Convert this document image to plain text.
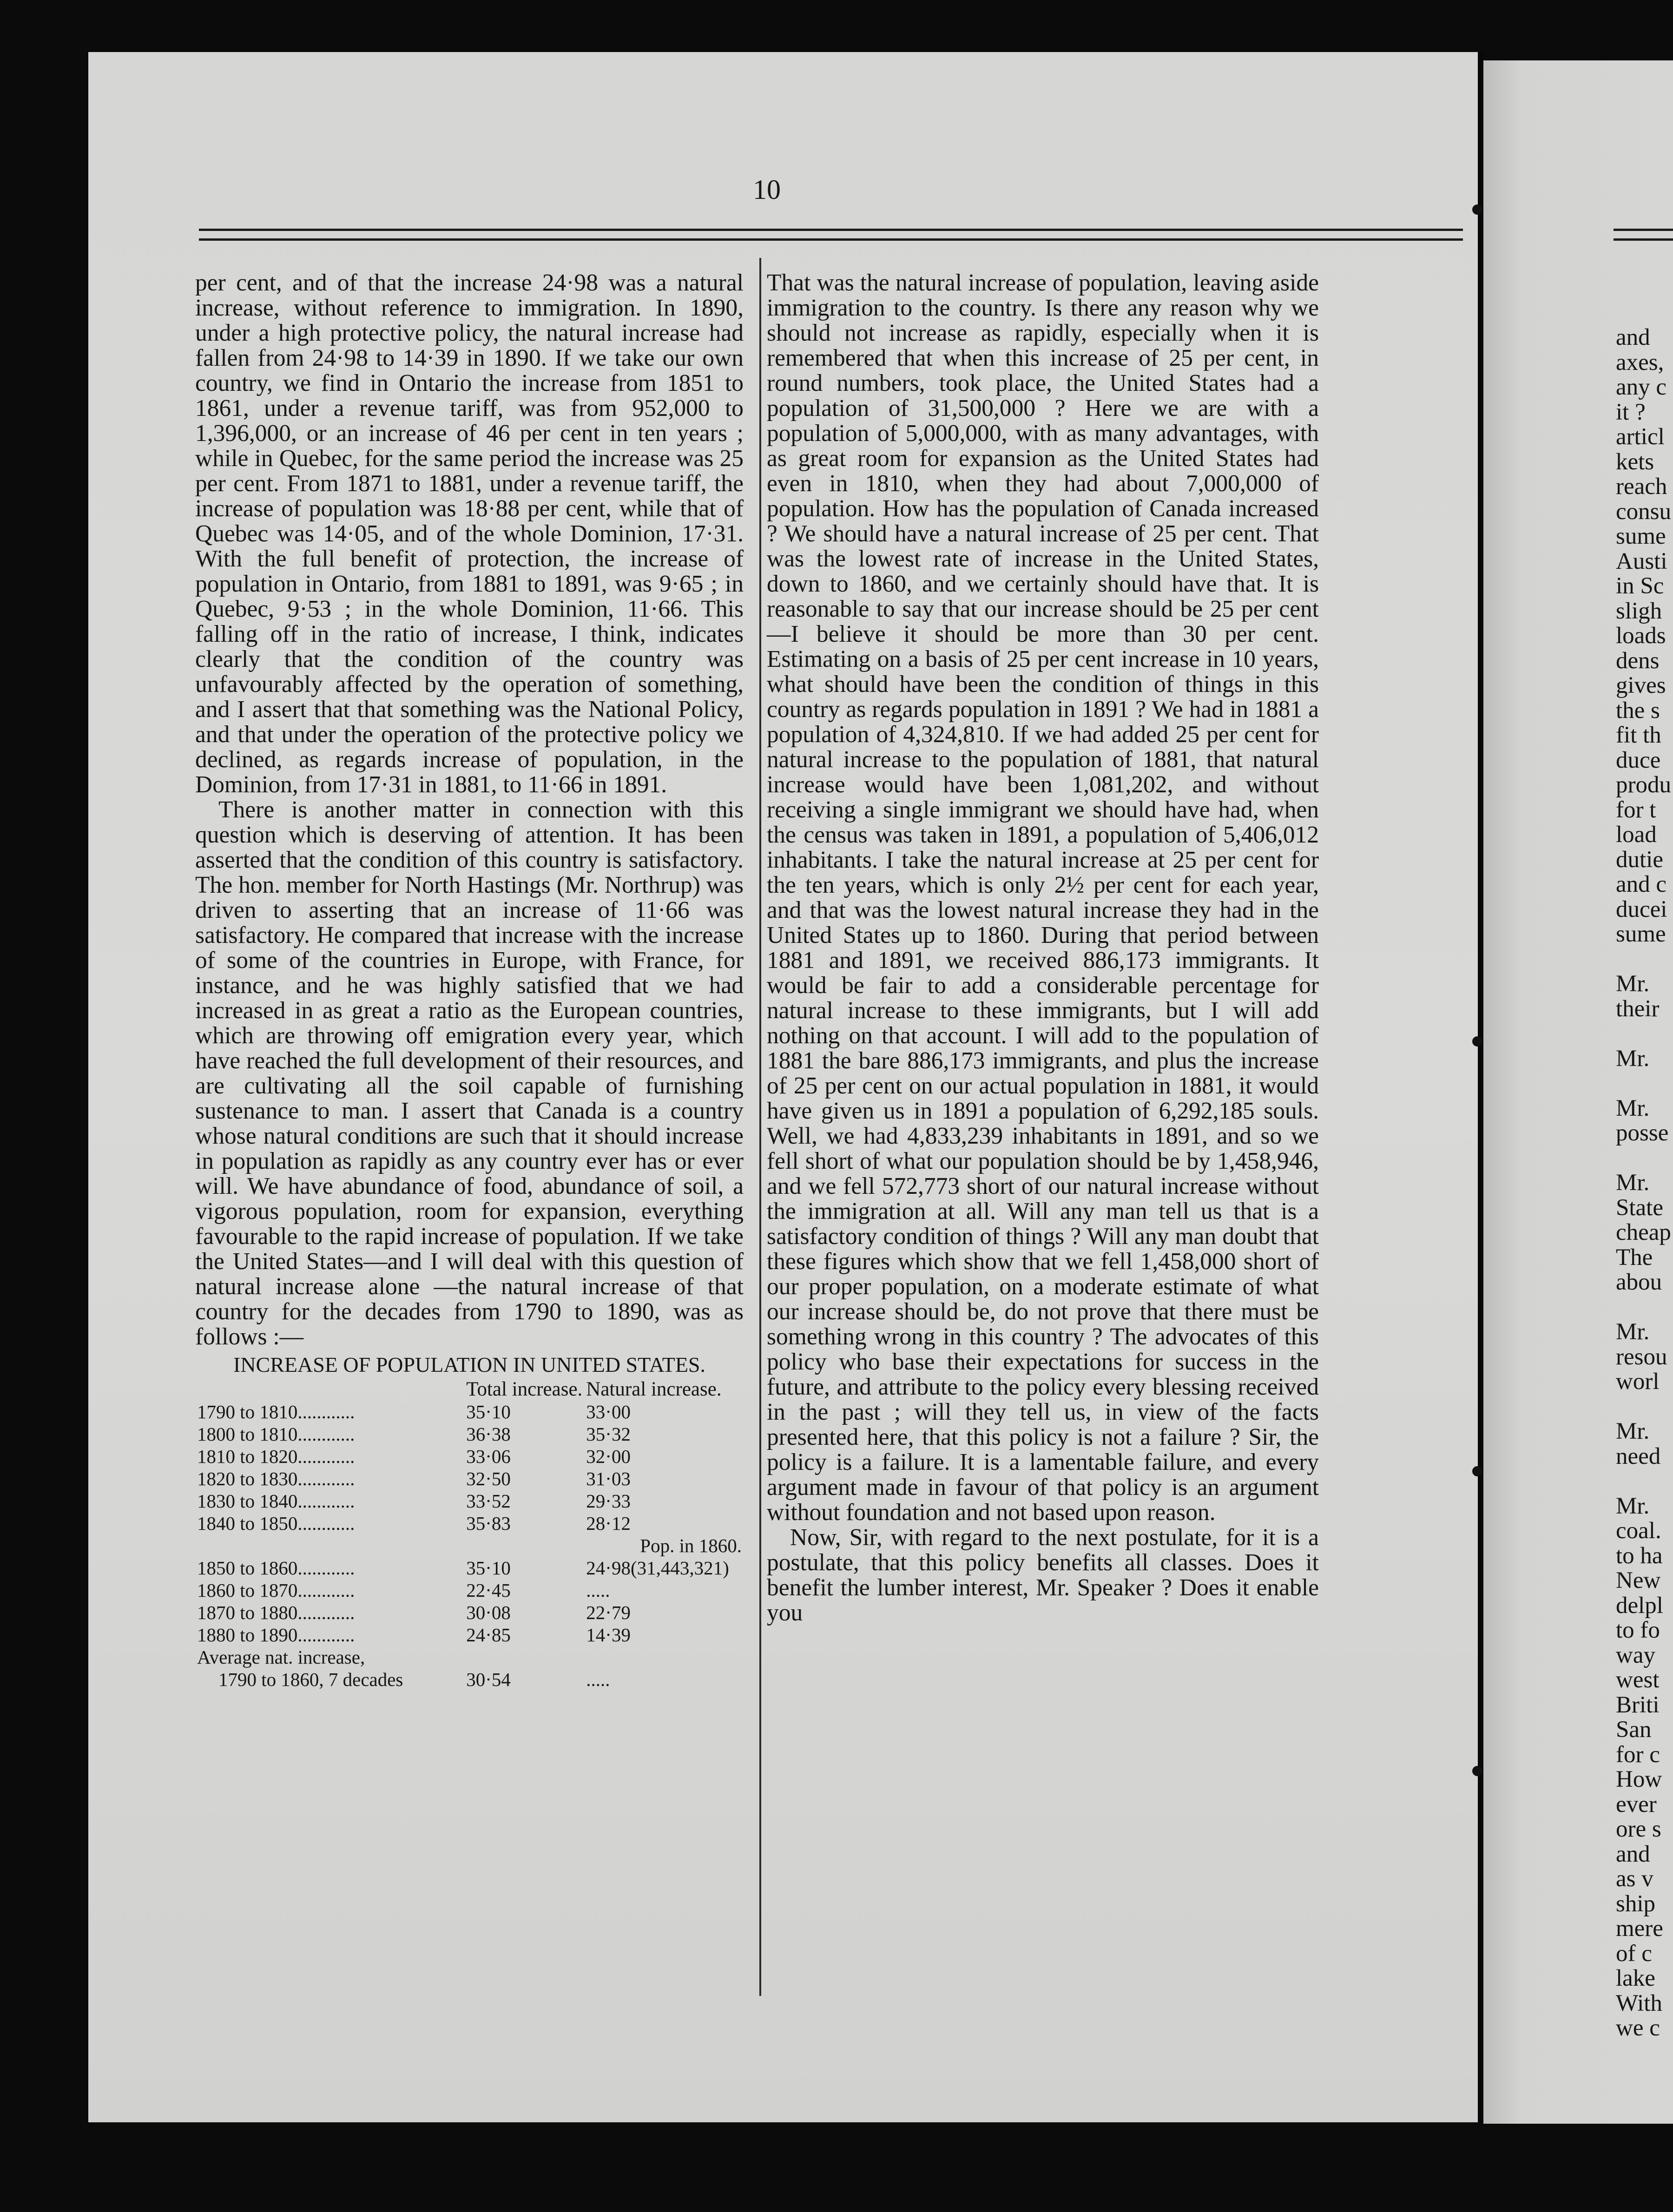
10

per cent, and of that the increase 24·98 was a natural increase, without reference to immigration. In 1890, under a high protective policy, the natural increase had fallen from 24·98 to 14·39 in 1890. If we take our own country, we find in Ontario the increase from 1851 to 1861, under a revenue tariff, was from 952,000 to 1,396,000, or an increase of 46 per cent in ten years ; while in Quebec, for the same period the increase was 25 per cent. From 1871 to 1881, under a revenue tariff, the increase of population was 18·88 per cent, while that of Quebec was 14·05, and of the whole Dominion, 17·31. With the full benefit of protection, the increase of population in Ontario, from 1881 to 1891, was 9·65 ; in Quebec, 9·53 ; in the whole Dominion, 11·66. This falling off in the ratio of increase, I think, indicates clearly that the condition of the country was unfavourably affected by the operation of something, and I assert that that something was the National Policy, and that under the operation of the protective policy we declined, as regards increase of population, in the Dominion, from 17·31 in 1881, to 11·66 in 1891.

There is another matter in connection with this question which is deserving of attention. It has been asserted that the condition of this country is satisfactory. The hon. member for North Hastings (Mr. Northrup) was driven to asserting that an increase of 11·66 was satisfactory. He compared that increase with the increase of some of the countries in Europe, with France, for instance, and he was highly satisfied that we had increased in as great a ratio as the European countries, which are throwing off emigration every year, which have reached the full development of their resources, and are cultivating all the soil capable of furnishing sustenance to man. I assert that Canada is a country whose natural conditions are such that it should increase in population as rapidly as any country ever has or ever will. We have abundance of food, abundance of soil, a vigorous population, room for expansion, everything favourable to the rapid increase of population. If we take the United States—and I will deal with this question of natural increase alone —the natural increase of that country for the decades from 1790 to 1890, was as follows :—

INCREASE OF POPULATION IN UNITED STATES.
	Total increase.	Natural increase.
1790 to 1810............	35·10	33·00
1800 to 1810............	36·38	35·32
1810 to 1820............	33·06	32·00
1820 to 1830............	32·50	31·03
1830 to 1840............	33·52	29·33
1840 to 1850............	35·83	28·12
		Pop. in 1860.
1850 to 1860............	35·10	24·98(31,443,321)
1860 to 1870............	22·45	.....
1870 to 1880............	30·08	22·79
1880 to 1890............	24·85	14·39
Average nat. increase,		
1790 to 1860, 7 decades	30·54	.....

That was the natural increase of population, leaving aside immigration to the country. Is there any reason why we should not increase as rapidly, especially when it is remembered that when this increase of 25 per cent, in round numbers, took place, the United States had a population of 31,500,000 ? Here we are with a population of 5,000,000, with as many advantages, with as great room for expansion as the United States had even in 1810, when they had about 7,000,000 of population. How has the population of Canada increased ? We should have a natural increase of 25 per cent. That was the lowest rate of increase in the United States, down to 1860, and we certainly should have that. It is reasonable to say that our increase should be 25 per cent—I believe it should be more than 30 per cent. Estimating on a basis of 25 per cent increase in 10 years, what should have been the condition of things in this country as regards population in 1891 ? We had in 1881 a population of 4,324,810. If we had added 25 per cent for natural increase to the population of 1881, that natural increase would have been 1,081,202, and without receiving a single immigrant we should have had, when the census was taken in 1891, a population of 5,406,012 inhabitants. I take the natural increase at 25 per cent for the ten years, which is only 2½ per cent for each year, and that was the lowest natural increase they had in the United States up to 1860. During that period between 1881 and 1891, we received 886,173 immigrants. It would be fair to add a considerable percentage for natural increase to these immigrants, but I will add nothing on that account. I will add to the population of 1881 the bare 886,173 immigrants, and plus the increase of 25 per cent on our actual population in 1881, it would have given us in 1891 a population of 6,292,185 souls. Well, we had 4,833,239 inhabitants in 1891, and so we fell short of what our population should be by 1,458,946, and we fell 572,773 short of our natural increase without the immigration at all. Will any man tell us that is a satisfactory condition of things ? Will any man doubt that these figures which show that we fell 1,458,000 short of our proper population, on a moderate estimate of what our increase should be, do not prove that there must be something wrong in this country ? The advocates of this policy who base their expectations for success in the future, and attribute to the policy every blessing received in the past ; will they tell us, in view of the facts presented here, that this policy is not a failure ? Sir, the policy is a failure. It is a lamentable failure, and every argument made in favour of that policy is an argument without foundation and not based upon reason.

Now, Sir, with regard to the next postulate, for it is a postulate, that this policy benefits all classes. Does it benefit the lumber interest, Mr. Speaker ? Does it enable you

and
axes,
any c
it ?
articl
kets
reach
consu
sume
Austi
in Sc
sligh
loads
dens
gives
the s
fit th
duce
produ
for t
load
dutie
and c
ducei
sume
Mr.
their
Mr.
Mr.
posse
Mr.
State
cheap
The
abou
Mr.
resou
worl
Mr.
need
Mr.
coal.
to ha
New
delpl
to fo
way
west
Briti
San
for c
How
ever
ore s
and
as v
ship
mere
of c
lake
With
we c
